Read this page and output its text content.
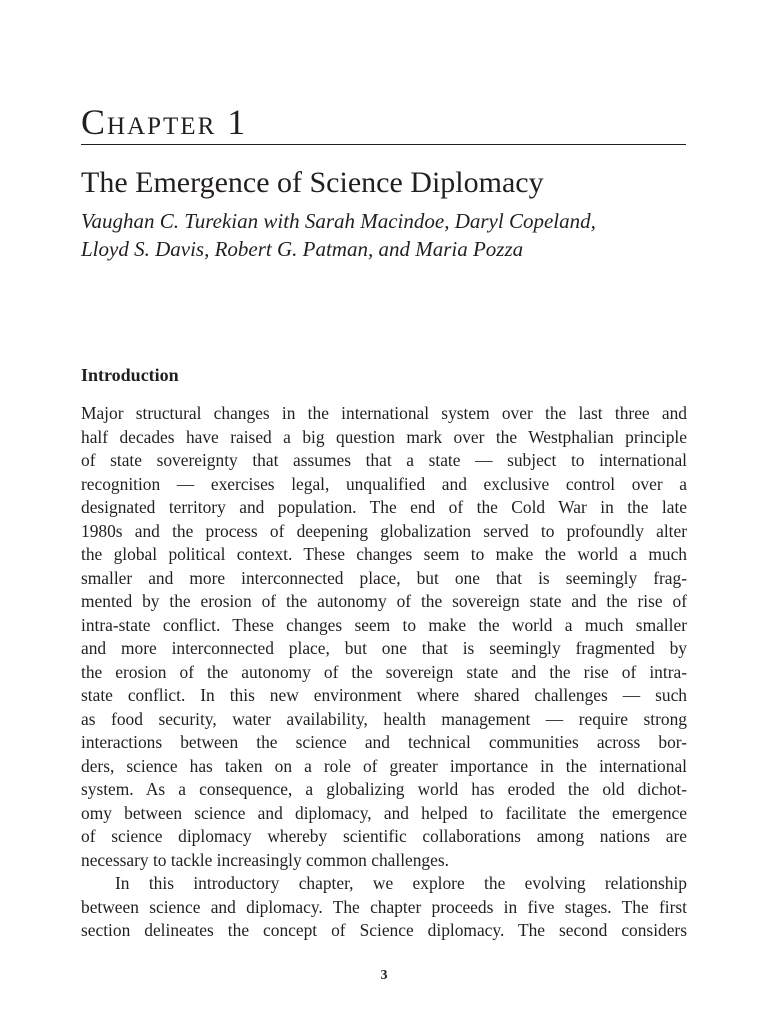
Chapter 1
The Emergence of Science Diplomacy
Vaughan C. Turekian with Sarah Macindoe, Daryl Copeland,
Lloyd S. Davis, Robert G. Patman, and Maria Pozza
Introduction
Major structural changes in the international system over the last three and
half decades have raised a big question mark over the Westphalian principle
of state sovereignty that assumes that a state — subject to international
recognition — exercises legal, unqualified and exclusive control over a
designated territory and population. The end of the Cold War in the late
1980s and the process of deepening globalization served to profoundly alter
the global political context. These changes seem to make the world a much
smaller and more interconnected place, but one that is seemingly frag-
mented by the erosion of the autonomy of the sovereign state and the rise of
intra-state conflict. These changes seem to make the world a much smaller
and more interconnected place, but one that is seemingly fragmented by
the erosion of the autonomy of the sovereign state and the rise of intra-
state conflict. In this new environment where shared challenges — such
as food security, water availability, health management — require strong
interactions between the science and technical communities across bor-
ders, science has taken on a role of greater importance in the international
system. As a consequence, a globalizing world has eroded the old dichot-
omy between science and diplomacy, and helped to facilitate the emergence
of science diplomacy whereby scientific collaborations among nations are
necessary to tackle increasingly common challenges.
In this introductory chapter, we explore the evolving relationship
between science and diplomacy. The chapter proceeds in five stages. The first
section delineates the concept of Science diplomacy. The second considers
3
